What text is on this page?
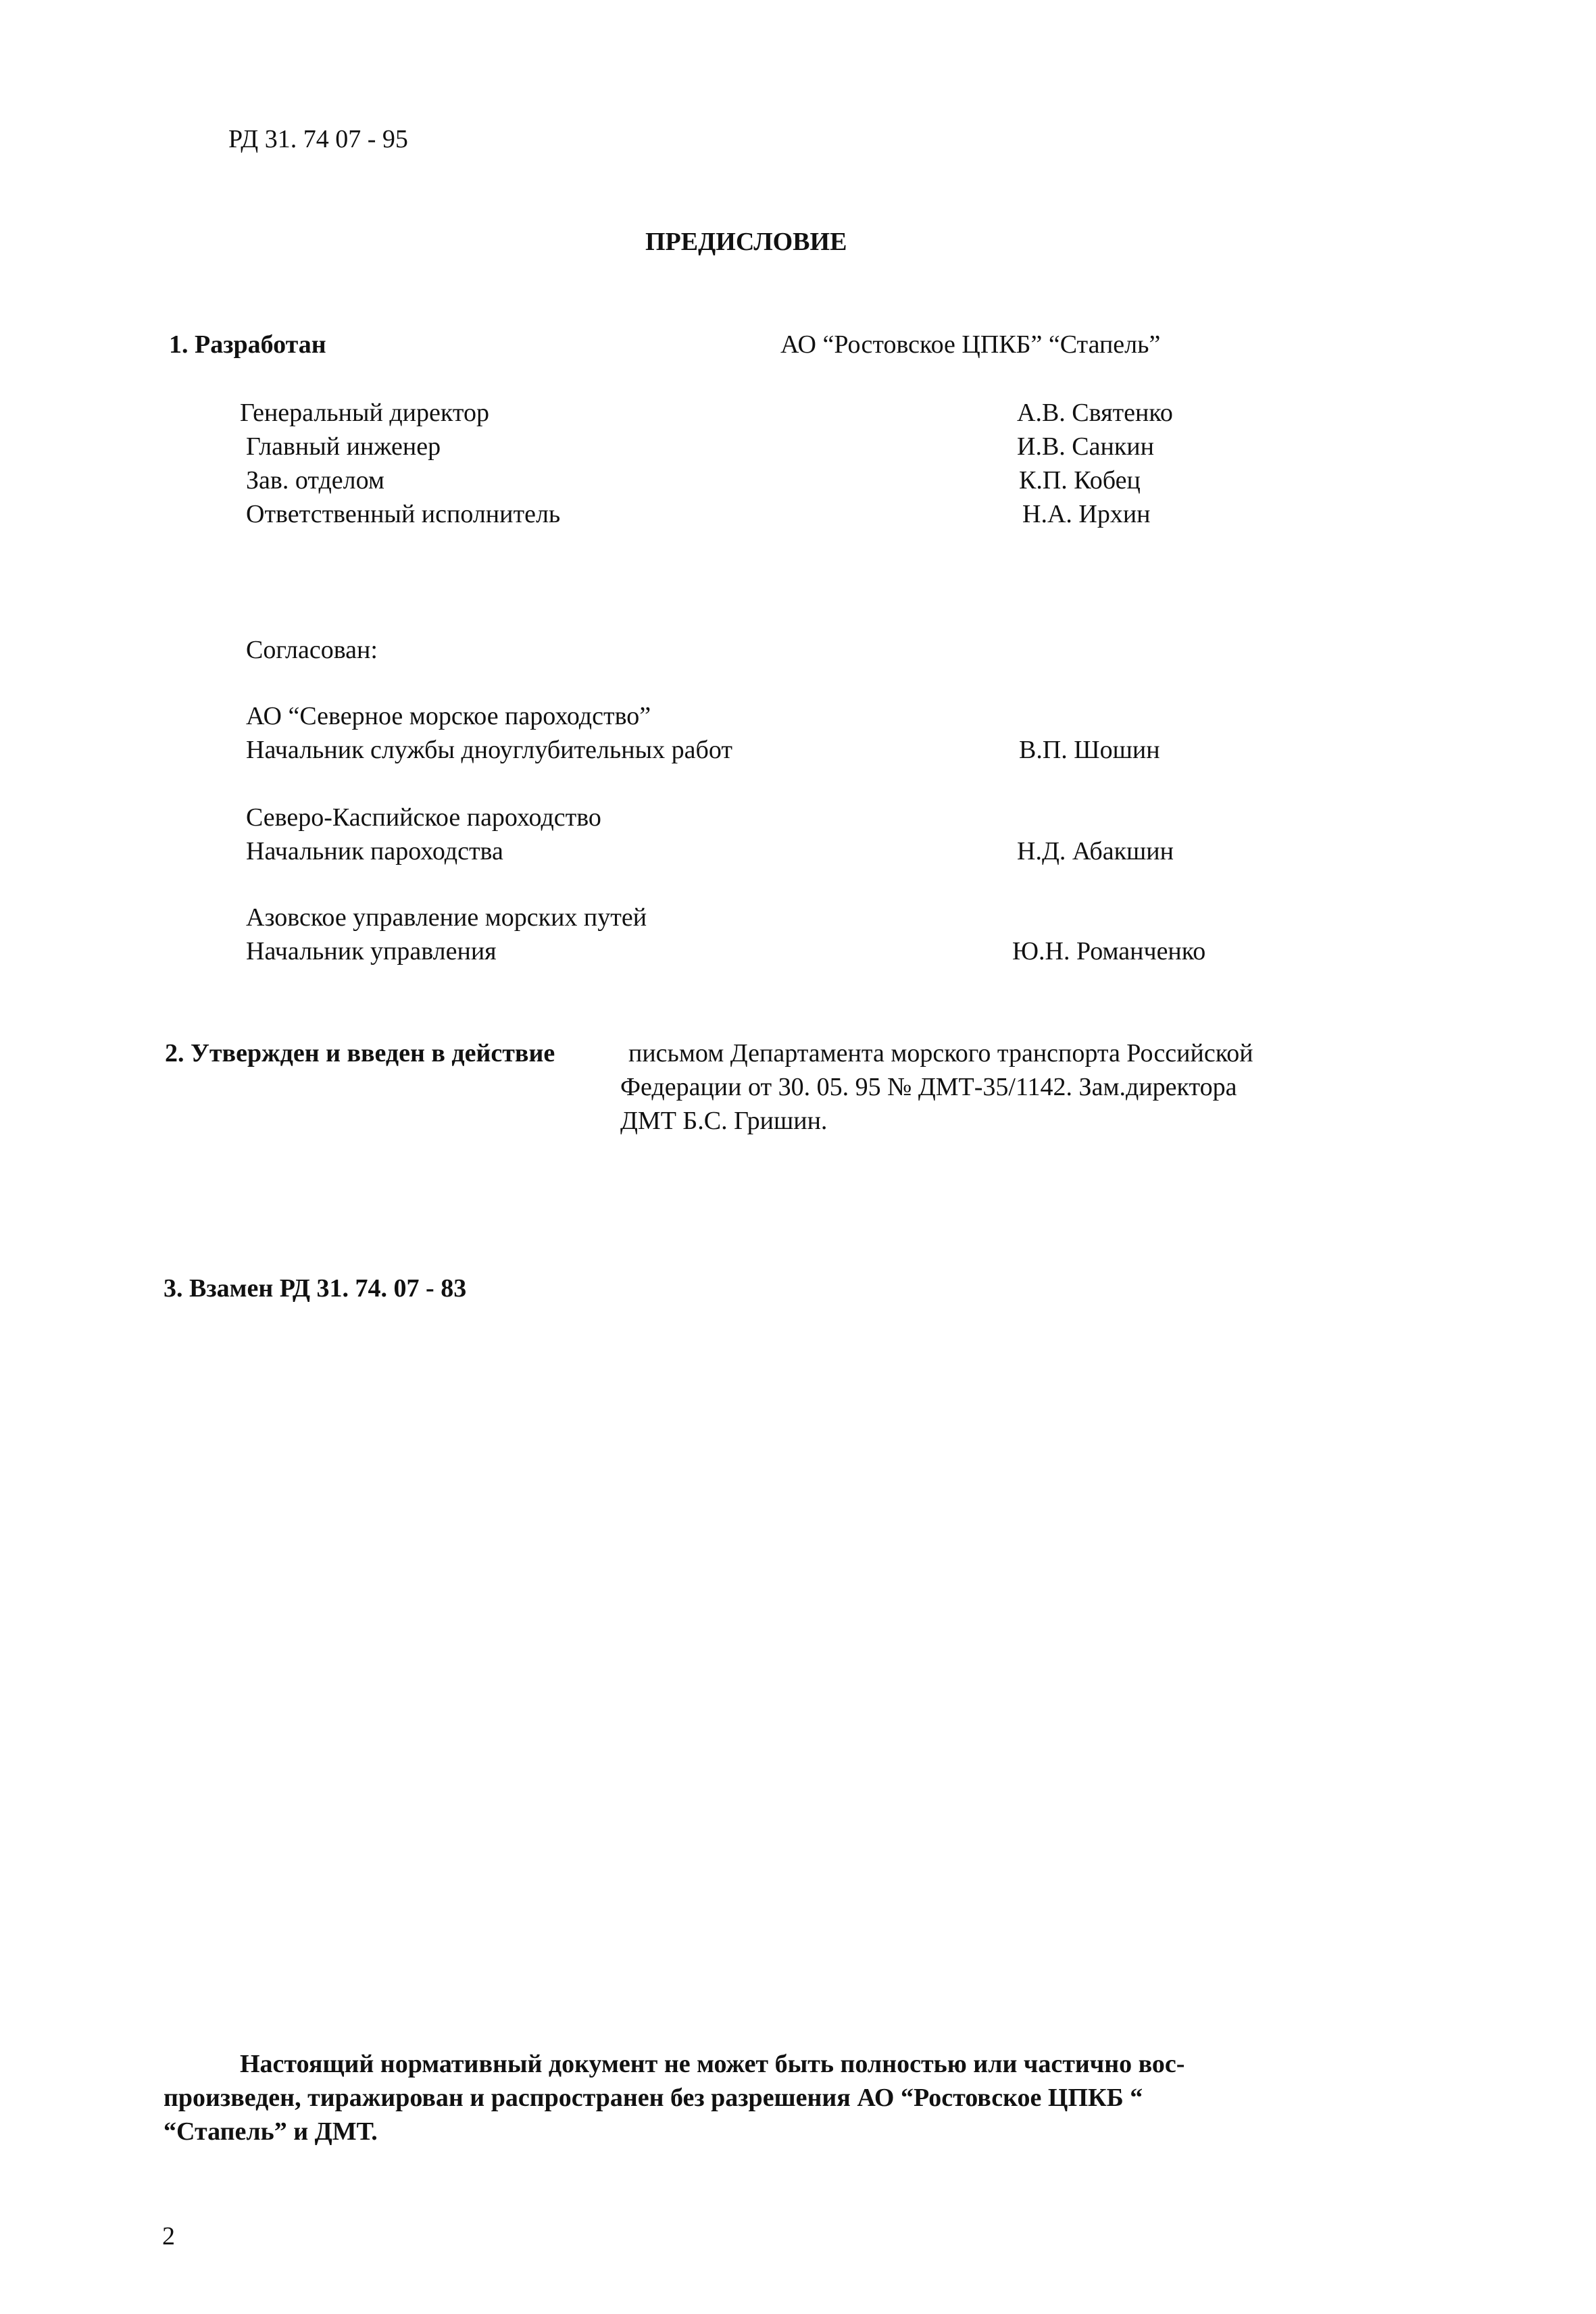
РД 31. 74 07 - 95
ПРЕДИСЛОВИЕ
1. Разработан	АО “Ростовское ЦПКБ” “Стапель”
Генеральный директор	А.В. Святенко
Главный инженер	И.В. Санкин
Зав. отделом	К.П. Кобец
Ответственный исполнитель	Н.А. Ирхин
Согласован:
АО “Северное морское пароходство”
Начальник службы дноуглубительных работ	В.П. Шошин
Северо-Каспийское пароходство
Начальник пароходства	Н.Д. Абакшин
Азовское управление морских путей
Начальник управления	Ю.Н. Романченко
2. Утвержден и введен в действие	письмом Департамента морского транспорта Российской
Федерации от 30. 05. 95 № ДМТ-35/1142. Зам.директора
ДМТ Б.С. Гришин.
3. Взамен РД 31. 74. 07 - 83
Настоящий нормативный документ не может быть полностью или частично вос-
произведен, тиражирован и распространен без разрешения АО “Ростовское ЦПКБ “
“Стапель” и ДМТ.
2
